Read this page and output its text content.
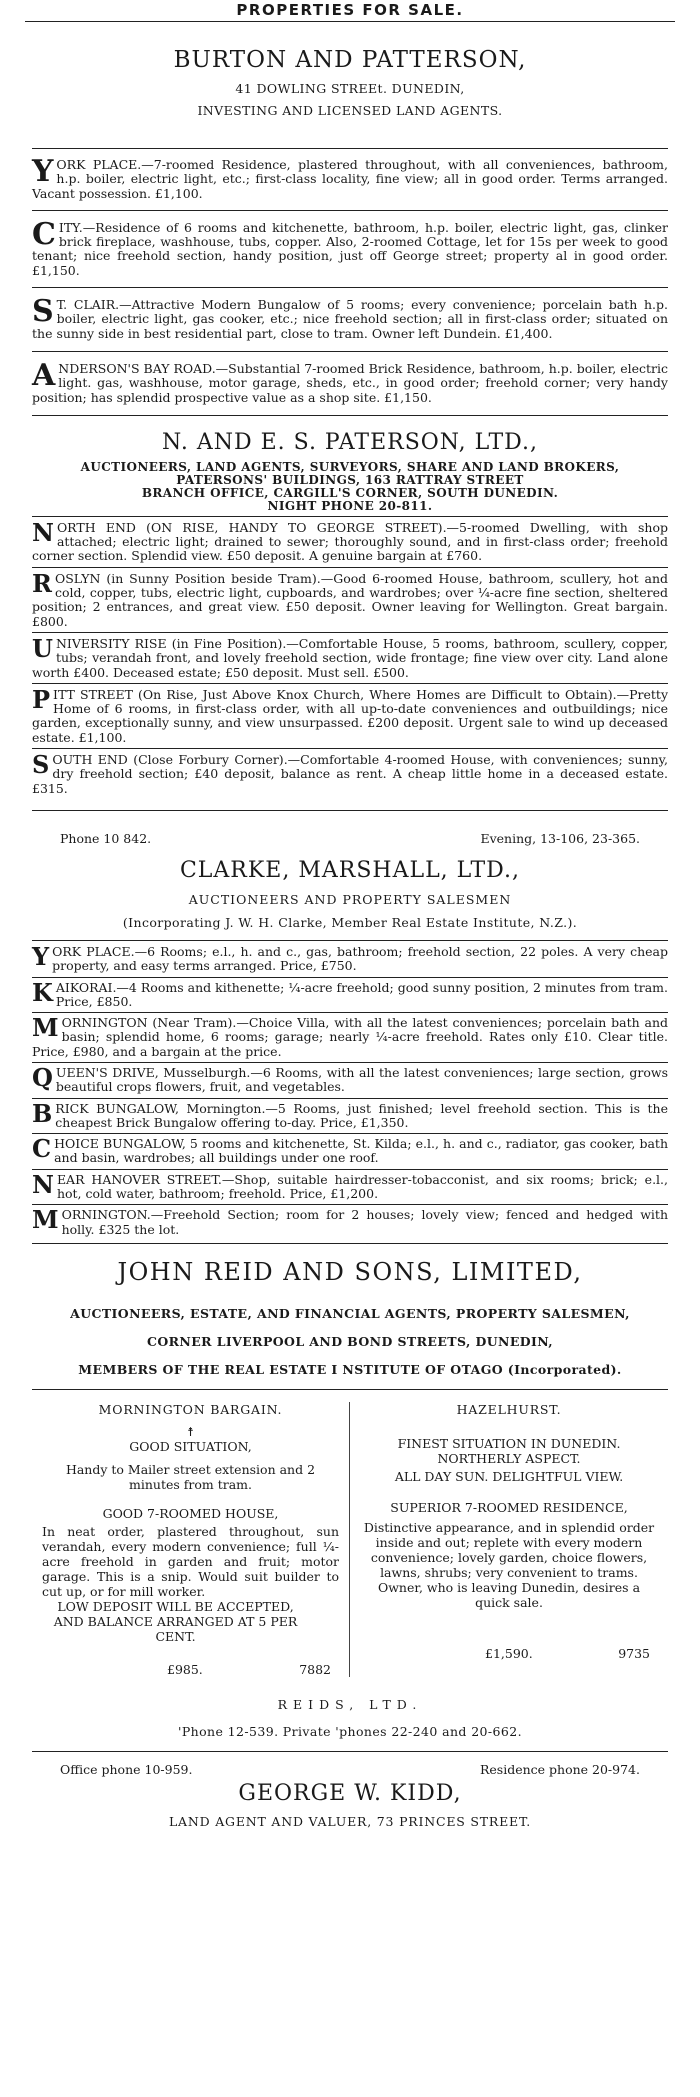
PROPERTIES FOR SALE.
BURTON AND PATTERSON,
41 DOWLING STREEt. DUNEDIN,
INVESTING AND LICENSED LAND AGENTS.
YORK PLACE.—7-roomed Residence, plastered throughout, with all conveniences, bathroom, h.p. boiler, electric light, etc.; first-class locality, fine view; all in good order. Terms arranged. Vacant possession. £1,100.
CITY.—Residence of 6 rooms and kitchenette, bathroom, h.p. boiler, electric light, gas, clinker brick fireplace, washhouse, tubs, copper. Also, 2-roomed Cottage, let for 15s per week to good tenant; nice freehold section, handy position, just off George street; property al in good order. £1,150.
S T. CLAIR.—Attractive Modern Bungalow of 5 rooms; every convenience; porcelain bath h.p. boiler, electric light, gas cooker, etc.; nice freehold section; all in first-class order; situated on the sunny side in best residential part, close to tram. Owner left Dundein. £1,400.
ANDERSON'S BAY ROAD.—Substantial 7-roomed Brick Residence, bathroom, h.p. boiler, electric light. gas, washhouse, motor garage, sheds, etc., in good order; freehold corner; very handy position; has splendid prospective value as a shop site. £1,150.
N. AND E. S. PATERSON, LTD.,
AUCTIONEERS, LAND AGENTS, SURVEYORS, SHARE AND LAND BROKERS,
PATERSONS' BUILDINGS, 163 RATTRAY STREET
BRANCH OFFICE, CARGILL'S CORNER, SOUTH DUNEDIN.
NIGHT PHONE 20-811.
NORTH END (ON RISE, HANDY TO GEORGE STREET).—5-roomed Dwelling, with shop attached; electric light; drained to sewer; thoroughly sound, and in first-class order; freehold corner section. Splendid view. £50 deposit. A genuine bargain at £760.
ROSLYN (in Sunny Position beside Tram).—Good 6-roomed House, bathroom, scullery, hot and cold, copper, tubs, electric light, cupboards, and wardrobes; over ¼-acre fine section, sheltered position; 2 entrances, and great view. £50 deposit. Owner leaving for Wellington. Great bargain. £800.
UNIVERSITY RISE (in Fine Position).—Comfortable House, 5 rooms, bathroom, scullery, copper, tubs; verandah front, and lovely freehold section, wide frontage; fine view over city. Land alone worth £400. Deceased estate; £50 deposit. Must sell. £500.
PITT STREET (On Rise, Just Above Knox Church, Where Homes are Difficult to Obtain).—Pretty Home of 6 rooms, in first-class order, with all up-to-date conveniences and outbuildings; nice garden, exceptionally sunny, and view unsurpassed. £200 deposit. Urgent sale to wind up deceased estate. £1,100.
SOUTH END (Close Forbury Corner).—Comfortable 4-roomed House, with conveniences; sunny, dry freehold section; £40 deposit, balance as rent. A cheap little home in a deceased estate. £315.
Phone 10 842.	Evening, 13-106, 23-365.
CLARKE, MARSHALL, LTD.,
AUCTIONEERS AND PROPERTY SALESMEN
(Incorporating J. W. H. Clarke, Member Real Estate Institute, N.Z.).
YORK PLACE.—6 Rooms; e.l., h. and c., gas, bathroom; freehold section, 22 poles. A very cheap property, and easy terms arranged. Price, £750.
KAIKORAI.—4 Rooms and kithenette; ¼-acre freehold; good sunny position, 2 minutes from tram. Price, £850.
MORNINGTON (Near Tram).—Choice Villa, with all the latest conveniences; porcelain bath and basin; splendid home, 6 rooms; garage; nearly ¼-acre freehold. Rates only £10. Clear title. Price, £980, and a bargain at the price.
QUEEN'S DRIVE, Musselburgh.—6 Rooms, with all the latest conveniences; large section, grows beautiful crops flowers, fruit, and vegetables.
BRICK BUNGALOW, Mornington.—5 Rooms, just finished; level freehold section. This is the cheapest Brick Bungalow offering to-day. Price, £1,350.
CHOICE BUNGALOW, 5 rooms and kitchenette, St. Kilda; e.l., h. and c., radiator, gas cooker, bath and basin, wardrobes; all buildings under one roof.
NEAR HANOVER STREET.—Shop, suitable hairdresser-tobacconist, and six rooms; brick; e.l., hot, cold water, bathroom; freehold. Price, £1,200.
MORNINGTON.—Freehold Section; room for 2 houses; lovely view; fenced and hedged with holly. £325 the lot.
JOHN REID AND SONS, LIMITED,
AUCTIONEERS, ESTATE, AND FINANCIAL AGENTS, PROPERTY SALESMEN,
CORNER LIVERPOOL AND BOND STREETS, DUNEDIN,
MEMBERS OF THE REAL ESTATE I NSTITUTE OF OTAGO (Incorporated).
MORNINGTON BARGAIN.
☨
GOOD SITUATION,
Handy to Mailer street extension and 2 minutes from tram.
GOOD 7-ROOMED HOUSE,
In neat order, plastered throughout, sun verandah, every modern convenience; full ¼-acre freehold in garden and fruit; motor garage. This is a snip. Would suit builder to cut up, or for mill worker.
LOW DEPOSIT WILL BE ACCEPTED, AND BALANCE ARRANGED AT 5 PER CENT.
£985.	7882
HAZELHURST.
FINEST SITUATION IN DUNEDIN.
NORTHERLY ASPECT.
ALL DAY SUN. DELIGHTFUL VIEW.
SUPERIOR 7-ROOMED RESIDENCE,
Distinctive appearance, and in splendid order inside and out; replete with every modern convenience; lovely garden, choice flowers, lawns, shrubs; very convenient to trams. Owner, who is leaving Dunedin, desires a quick sale.
£1,590.	9735
REIDS, LTD.
'Phone 12-539. Private 'phones 22-240 and 20-662.
Office phone 10-959.	Residence phone 20-974.
GEORGE W. KIDD,
LAND AGENT AND VALUER, 73 PRINCES STREET.
